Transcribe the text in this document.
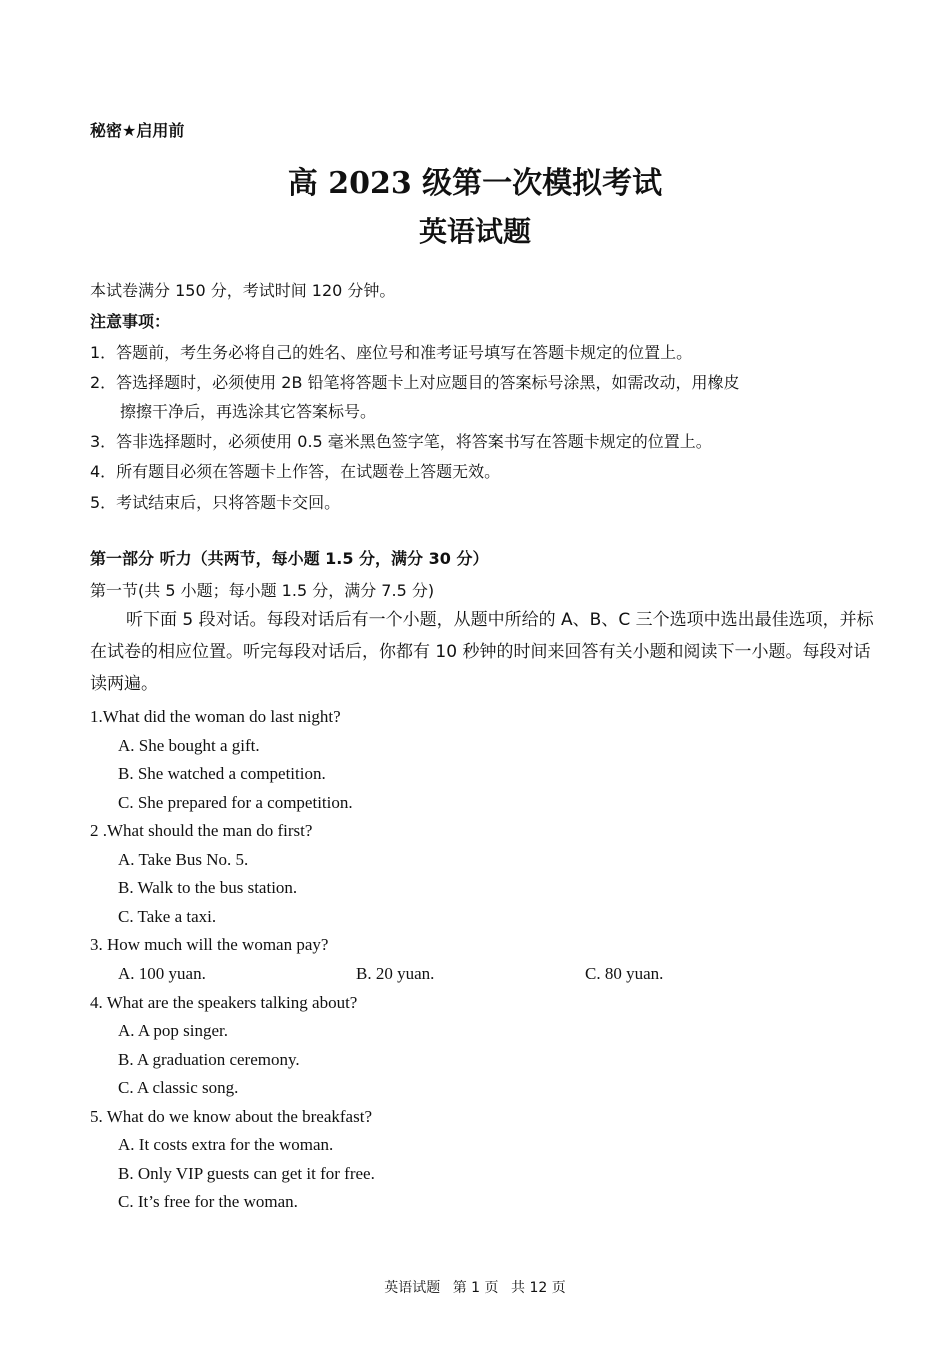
秘密★启用前
高 2023 级第一次模拟考试
英语试题
本试卷满分 150 分，考试时间 120 分钟。
注意事项：
1．答题前，考生务必将自己的姓名、座位号和准考证号填写在答题卡规定的位置上。
2．答选择题时，必须使用 2B 铅笔将答题卡上对应题目的答案标号涂黑，如需改动，用橡皮
擦擦干净后，再选涂其它答案标号。
3．答非选择题时，必须使用 0.5 毫米黑色签字笔，将答案书写在答题卡规定的位置上。
4．所有题目必须在答题卡上作答，在试题卷上答题无效。
5．考试结束后，只将答题卡交回。
第一部分 听力（共两节，每小题 1.5 分，满分 30 分）
第一节(共 5 小题；每小题 1.5 分，满分 7.5 分)
听下面 5 段对话。每段对话后有一个小题，从题中所给的 A、B、C 三个选项中选出最佳选项，并标在试卷的相应位置。听完每段对话后，你都有 10 秒钟的时间来回答有关小题和阅读下一小题。每段对话读两遍。
1.What did the woman do last night?
A. She bought a gift.
B. She watched a competition.
C. She prepared for a competition.
2 .What should the man do first?
A. Take Bus No. 5.
B. Walk to the bus station.
C. Take a taxi.
3. How much will the woman pay?
A. 100 yuan.	B. 20 yuan.	C. 80 yuan.
4. What are the speakers talking about?
A. A pop singer.
B. A graduation ceremony.
C. A classic song.
5. What do we know about the breakfast?
A. It costs extra for the woman.
B. Only VIP guests can get it for free.
C. It’s free for the woman.
英语试题 第 1 页 共 12 页
